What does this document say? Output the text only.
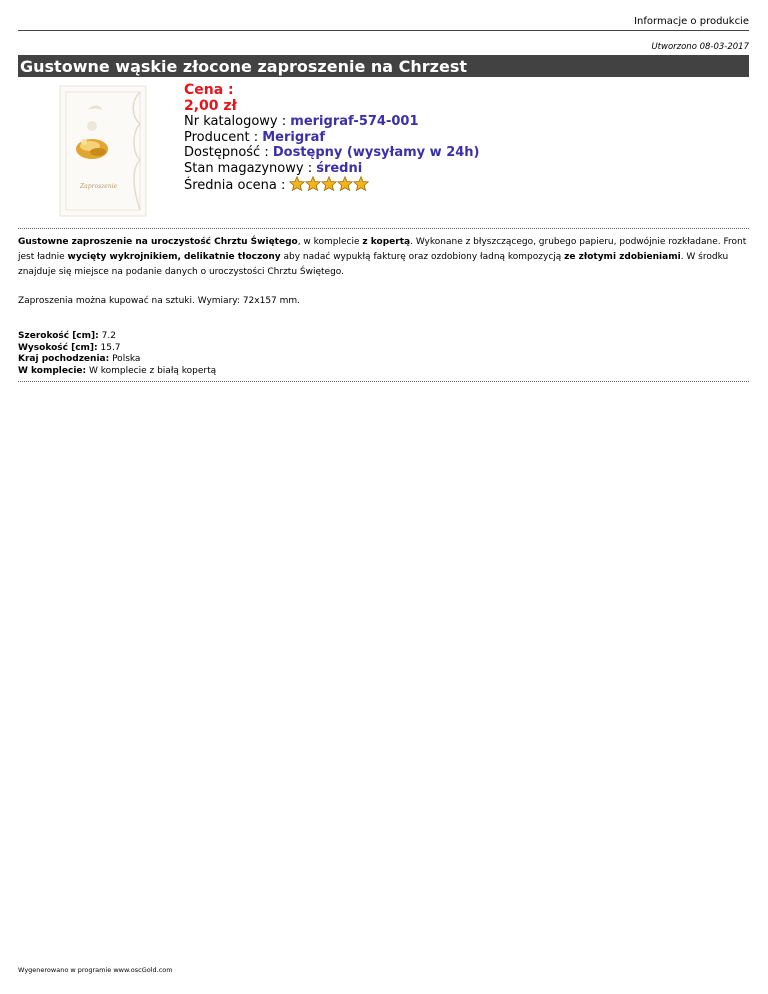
Informacje o produkcie
Utworzono 08-03-2017
Gustowne wąskie złocone zaproszenie na Chrzest
Zaproszenie
Cena :
2,00 zł
Nr katalogowy : merigraf-574-001
Producent : Merigraf
Dostępność : Dostępny (wysyłamy w 24h)
Stan magazynowy : średni
Średnia ocena :

Gustowne zaproszenie na uroczystość Chrztu Świętego, w komplecie z kopertą. Wykonane z błyszczącego, grubego papieru, podwójnie rozkładane. Front jest ładnie wycięty wykrojnikiem, delikatnie tłoczony aby nadać wypukłą fakturę oraz ozdobiony ładną kompozycją ze złotymi zdobieniami. W środku znajduje się miejsce na podanie danych o uroczystości Chrztu Świętego.

Zaproszenia można kupować na sztuki. Wymiary: 72x157 mm.

Szerokość [cm]: 7.2
Wysokość [cm]: 15.7
Kraj pochodzenia: Polska
W komplecie: W komplecie z białą kopertą
Wygenerowano w programie www.oscGold.com
